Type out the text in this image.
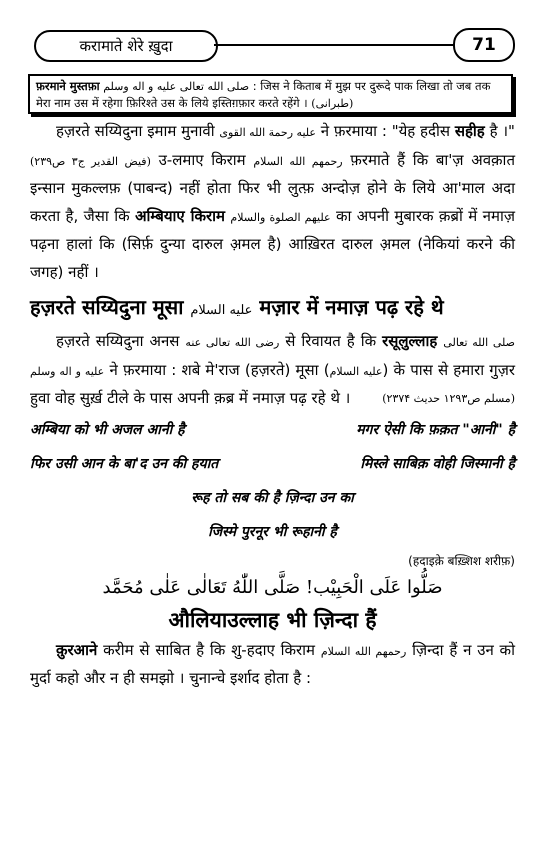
करामाते शेरे ख़ुदा	71
फ़रमाने मुस्तफ़ा صلى الله تعالى عليه و اله وسلم : जिस ने किताब में मुझ पर दुरूदे पाक लिखा तो जब तक मेरा नाम उस में रहेगा फ़िरिश्ते उस के लिये इस्तिग़फ़ार करते रहेंगे । (طبرانی)
हज़रते सय्यिदुना इमाम मुनावी عليه رحمة الله القوی ने फ़रमाया : "येह हदीस सहीह है ।" (فیض القدیر ج۳ ص۲۳۹) उ-लमाए किराम رحمهم الله السلام फ़रमाते हैं कि बा'ज़ अवक़ात इन्सान मुकल्लफ़ (पाबन्द) नहीं होता फिर भी लुत्फ़ अन्दोज़ होने के लिये आ'माल अदा करता है, जैसा कि अम्बियाए किराम عليهم الصلوة والسلام का अपनी मुबारक क़ब्रों में नमाज़ पढ़ना हालां कि (सिर्फ़ दुन्या दारुल अ़मल है) आख़िरत दारुल अ़मल (नेकियां करने की जगह) नहीं ।
हज़रते सय्यिदुना मूसा عليه السلام मज़ार में नमाज़ पढ़ रहे थे
हज़रते सय्यिदुना अनस رضی الله تعالی عنه से रिवायत है कि रसूलुल्लाह صلى الله تعالى عليه و اله وسلم ने फ़रमाया : शबे मे'राज (हज़रते) मूसा (عليه السلام) के पास से हमारा गुज़र हुवा वोह सुर्ख़ टीले के पास अपनी क़ब्र में नमाज़ पढ़ रहे थे ।	(مسلم ص۱۲۹۳ حدیث ۲۳۷۴)
अम्बिया को भी अजल आनी है	मगर ऐसी कि फ़क़त "आनी" है
फिर उसी आन के बा'द उन की हयात	मिस्ले साबिक़ वोही जिस्मानी है
रूह तो सब की है ज़िन्दा उन का
जिस्मे पुरनूर भी रूहानी है
(हदाइक़े बख़्शिश शरीफ़)
صَلُّوا عَلَی الْحَبِیْب! صَلَّی اللّٰهُ تَعَالٰی عَلٰی مُحَمَّد
औलियाउल्लाह भी ज़िन्दा हैं
क़ुरआने करीम से साबित है कि शु-हदाए किराम رحمهم الله السلام ज़िन्दा हैं न उन को मुर्दा कहो और न ही समझो । चुनान्चे इर्शाद होता है :
